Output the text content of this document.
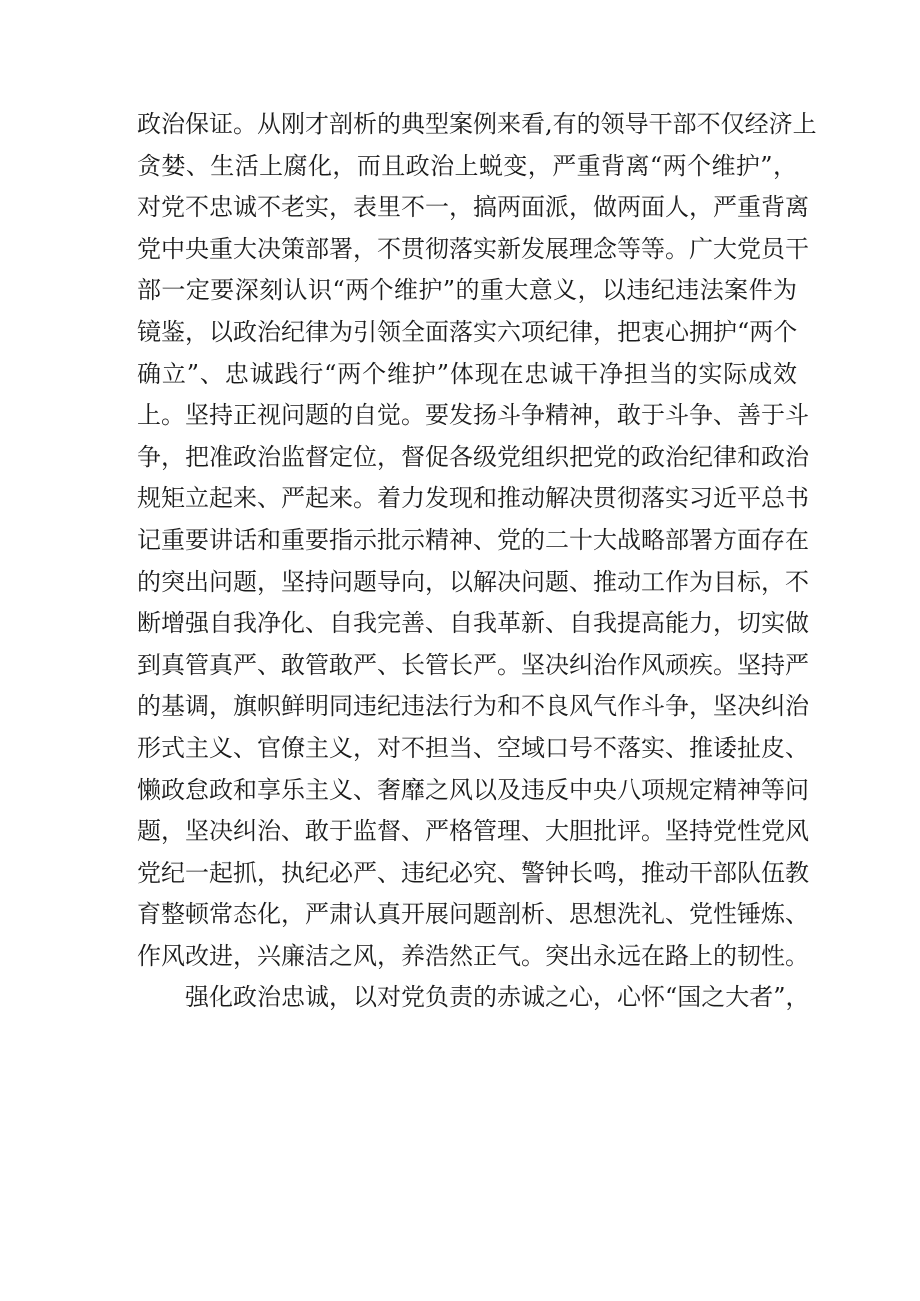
政治保证。从刚才剖析的典型案例来看,有的领导干部不仅经济上
贪婪、生活上腐化，而且政治上蜕变，严重背离“两个维护”，
对党不忠诚不老实，表里不一，搞两面派，做两面人，严重背离
党中央重大决策部署，不贯彻落实新发展理念等等。广大党员干
部一定要深刻认识“两个维护”的重大意义，以违纪违法案件为
镜鉴，以政治纪律为引领全面落实六项纪律，把衷心拥护“两个
确立”、忠诚践行“两个维护”体现在忠诚干净担当的实际成效
上。坚持正视问题的自觉。要发扬斗争精神，敢于斗争、善于斗
争，把准政治监督定位，督促各级党组织把党的政治纪律和政治
规矩立起来、严起来。着力发现和推动解决贯彻落实习近平总书
记重要讲话和重要指示批示精神、党的二十大战略部署方面存在
的突出问题，坚持问题导向，以解决问题、推动工作为目标，不
断增强自我净化、自我完善、自我革新、自我提高能力，切实做
到真管真严、敢管敢严、长管长严。坚决纠治作风顽疾。坚持严
的基调，旗帜鲜明同违纪违法行为和不良风气作斗争，坚决纠治
形式主义、官僚主义，对不担当、空域口号不落实、推诿扯皮、
懒政怠政和享乐主义、奢靡之风以及违反中央八项规定精神等问
题，坚决纠治、敢于监督、严格管理、大胆批评。坚持党性党风
党纪一起抓，执纪必严、违纪必究、警钟长鸣，推动干部队伍教
育整顿常态化，严肃认真开展问题剖析、思想洗礼、党性锤炼、
作风改进，兴廉洁之风，养浩然正气。突出永远在路上的韧性。
强化政治忠诚，以对党负责的赤诚之心，心怀“国之大者”，
